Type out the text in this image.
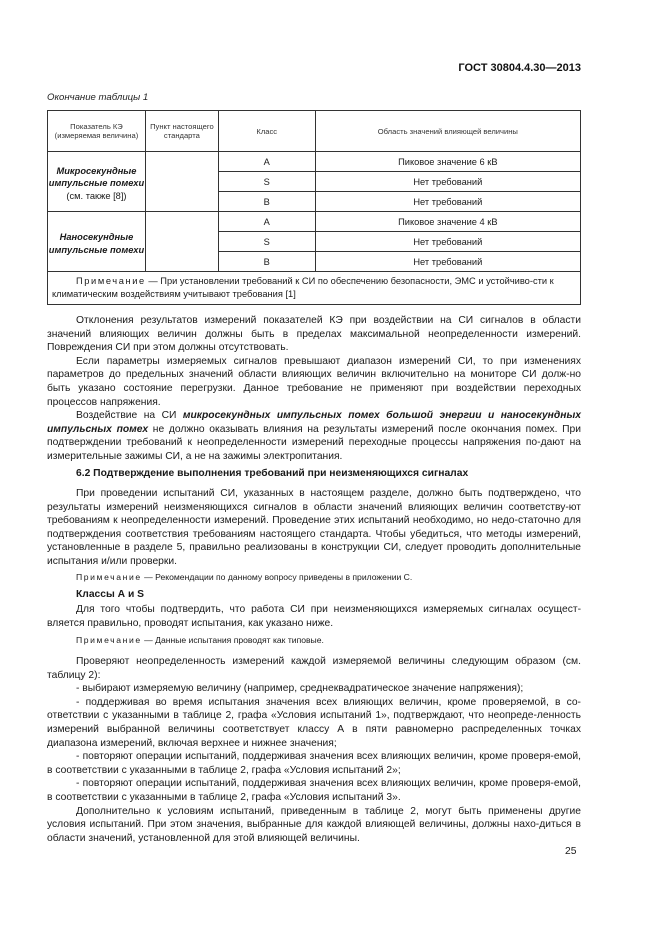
ГОСТ 30804.4.30—2013
Окончание таблицы 1
Показатель КЭ (измеряемая величина)	Пункт настоящего стандарта	Класс	Область значений влияющей величины

Микросекундные импульсные помехи
(см. также [8])		A	Пиковое значение 6 кВ
		S	Нет требований
		B	Нет требований

Наносекундные импульсные помехи		A	Пиковое значение 4 кВ
		S	Нет требований
		B	Нет требований
Примечание — При установлении требований к СИ по обеспечению безопасности, ЭМС и устойчиво-сти к климатическим воздействиям учитывают требования [1]			

Отклонения результатов измерений показателей КЭ при воздействии на СИ сигналов в области значений влияющих величин должны быть в пределах максимальной неопределенности измерений. Повреждения СИ при этом должны отсутствовать.

Если параметры измеряемых сигналов превышают диапазон измерений СИ, то при изменениях параметров до предельных значений области влияющих величин включительно на мониторе СИ долж-но быть указано состояние перегрузки. Данное требование не применяют при воздействии переходных процессов напряжения.

Воздействие на СИ микросекундных импульсных помех большой энергии и наносекундных импульсных помех не должно оказывать влияния на результаты измерений после окончания помех. При подтверждении требований к неопределенности измерений переходные процессы напряжения по-дают на измерительные зажимы СИ, а не на зажимы электропитания.

6.2 Подтверждение выполнения требований при неизменяющихся сигналах

При проведении испытаний СИ, указанных в настоящем разделе, должно быть подтверждено, что результаты измерений неизменяющихся сигналов в области значений влияющих величин соответству-ют требованиям к неопределенности измерений. Проведение этих испытаний необходимо, но недо-статочно для подтверждения соответствия требованиям настоящего стандарта. Чтобы убедиться, что методы измерений, установленные в разделе 5, правильно реализованы в конструкции СИ, следует проводить дополнительные испытания и/или проверки.

Примечание — Рекомендации по данному вопросу приведены в приложении С.
Классы А и S

Для того чтобы подтвердить, что работа СИ при неизменяющихся измеряемых сигналах осущест-вляется правильно, проводят испытания, как указано ниже.

Примечание — Данные испытания проводят как типовые.

Проверяют неопределенность измерений каждой измеряемой величины следующим образом (см. таблицу 2):

- выбирают измеряемую величину (например, среднеквадратическое значение напряжения);

- поддерживая во время испытания значения всех влияющих величин, кроме проверяемой, в со-ответствии с указанными в таблице 2, графа «Условия испытаний 1», подтверждают, что неопреде-ленность измерений выбранной величины соответствует классу А в пяти равномерно распределенных точках диапазона измерений, включая верхнее и нижнее значения;

- повторяют операции испытаний, поддерживая значения всех влияющих величин, кроме проверя-емой, в соответствии с указанными в таблице 2, графа «Условия испытаний 2»;

- повторяют операции испытаний, поддерживая значения всех влияющих величин, кроме проверя-емой, в соответствии с указанными в таблице 2, графа «Условия испытаний 3».

Дополнительно к условиям испытаний, приведенным в таблице 2, могут быть применены другие условия испытаний. При этом значения, выбранные для каждой влияющей величины, должны нахо-диться в области значений, установленной для этой влияющей величины.

25
